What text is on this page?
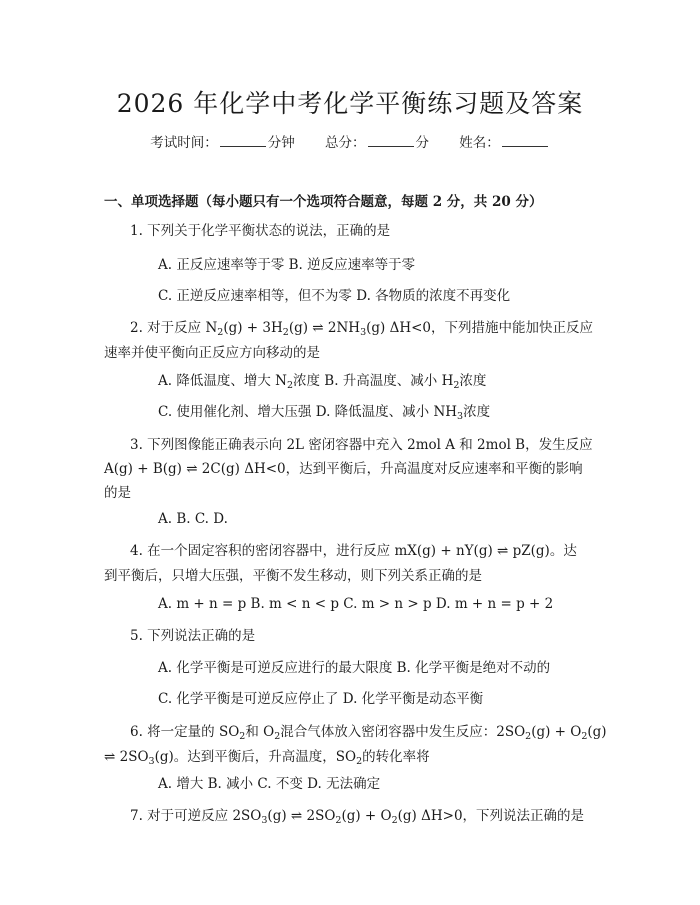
2026 年化学中考化学平衡练习题及答案
考试时间：	分钟 总分：	分 姓名：
一、单项选择题（每小题只有一个选项符合题意，每题 2 分，共 20 分）
1. 下列关于化学平衡状态的说法，正确的是
A. 正反应速率等于零 B. 逆反应速率等于零
C. 正逆反应速率相等，但不为零 D. 各物质的浓度不再变化
2. 对于反应 $N_2(g) + 3H_2(g)$ ⇌ $2NH_3(g)$ ΔH<0，下列措施中能加快正反应
速率并使平衡向正反应方向移动的是
A. 降低温度、增大 $N_2$浓度 B. 升高温度、减小 $H_2$浓度
C. 使用催化剂、增大压强 D. 降低温度、减小 $NH_3$浓度
3. 下列图像能正确表示向 2L 密闭容器中充入 2mol A 和 2mol B，发生反应
A(g) + B(g) ⇌ 2C(g) ΔH<0，达到平衡后，升高温度对反应速率和平衡的影响
的是
A. B. C. D.
4. 在一个固定容积的密闭容器中，进行反应 mX(g) + nY(g) ⇌ pZ(g)。达
到平衡后，只增大压强，平衡不发生移动，则下列关系正确的是
A. m + n = p B. m < n < p C. m > n > p D. m + n = p + 2
5. 下列说法正确的是
A. 化学平衡是可逆反应进行的最大限度 B. 化学平衡是绝对不动的
C. 化学平衡是可逆反应停止了 D. 化学平衡是动态平衡
6. 将一定量的 $SO_2$和 $O_2$混合气体放入密闭容器中发生反应：$2SO_2(g) + O_2(g)$
⇌ $2SO_3(g)$。达到平衡后，升高温度，$SO_2$的转化率将
A. 增大 B. 减小 C. 不变 D. 无法确定
7. 对于可逆反应 $2SO_3(g)$ ⇌ $2SO_2(g) + O_2(g)$ ΔH>0，下列说法正确的是
